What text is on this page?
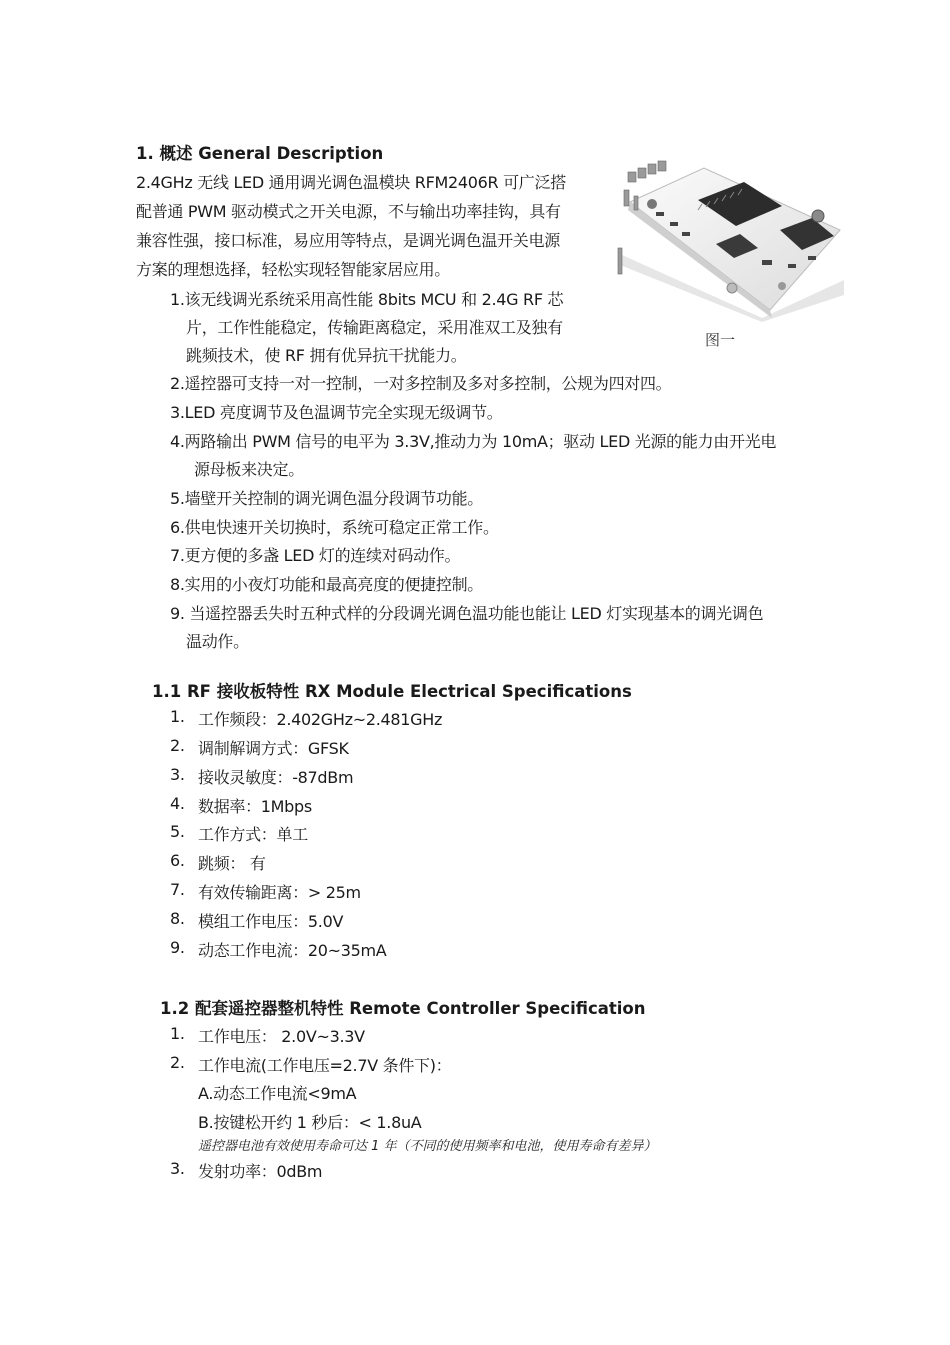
1. 概述 General Description
2.4GHz 无线 LED 通用调光调色温模块 RFM2406R 可广泛搭
配普通 PWM 驱动模式之开关电源，不与输出功率挂钩，具有
兼容性强，接口标准，易应用等特点，是调光调色温开关电源
方案的理想选择，轻松实现轻智能家居应用。
图一
1.该无线调光系统采用高性能 8bits MCU 和 2.4G RF 芯
片，工作性能稳定，传输距离稳定，采用准双工及独有
跳频技术，使 RF 拥有优异抗干扰能力。
2.遥控器可支持一对一控制，一对多控制及多对多控制，公规为四对四。
3.LED 亮度调节及色温调节完全实现无级调节。
4.两路输出 PWM 信号的电平为 3.3V,推动力为 10mA；驱动 LED 光源的能力由开光电
源母板来决定。
5.墙壁开关控制的调光调色温分段调节功能。
6.供电快速开关切换时，系统可稳定正常工作。
7.更方便的多盏 LED 灯的连续对码动作。
8.实用的小夜灯功能和最高亮度的便捷控制。
9. 当遥控器丢失时五种式样的分段调光调色温功能也能让 LED 灯实现基本的调光调色
温动作。
1.1 RF 接收板特性 RX Module Electrical Specifications
1. 工作频段：2.402GHz~2.481GHz
2. 调制解调方式：GFSK
3. 接收灵敏度：-87dBm
4. 数据率：1Mbps
5. 工作方式：单工
6. 跳频： 有
7. 有效传输距离：> 25m
8. 模组工作电压：5.0V
9. 动态工作电流：20~35mA
1.2 配套遥控器整机特性 Remote Controller Specification
1. 工作电压： 2.0V~3.3V
2. 工作电流(工作电压=2.7V 条件下)：
A.动态工作电流<9mA
B.按键松开约 1 秒后：< 1.8uA
遥控器电池有效使用寿命可达 1 年（不同的使用频率和电池，使用寿命有差异）
3. 发射功率：0dBm
